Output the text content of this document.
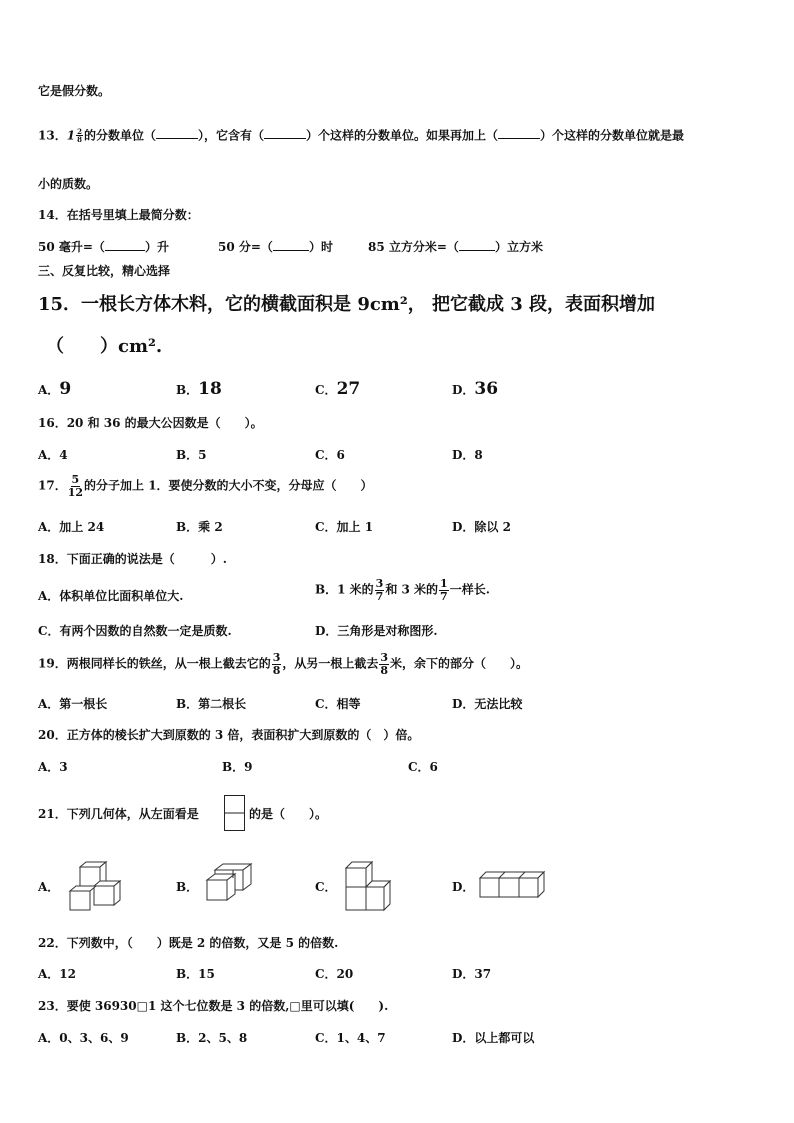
它是假分数。
13．$1 \frac{2}{8}$ 的分数单位（	），它含有（	）个这样的分数单位。如果再加上（	）个这样的分数单位就是最
小的质数。
14．在括号里填上最简分数：
50 毫升=（	）升	50 分=（	）时	85 立方分米=（	）立方米
三、反复比较，精心选择
15．一根长方体木料，它的横截面积是 9cm²， 把它截成 3 段，表面积增加
（　　）cm².
A．9	B．18	C．27	D．36
16．20 和 36 的最大公因数是（　　）。
A．4	B．5	C．6	D．8
17． $\frac{5}{12}$ 的分子加上 1．要使分数的大小不变，分母应（　　）
A．加上 24	B．乘 2	C．加上 1	D．除以 2
18．下面正确的说法是（　　　）.
A．体积单位比面积单位大.	B．1 米的 $\frac{3}{7}$ 和 3 米的 $\frac{1}{7}$ 一样长.
C．有两个因数的自然数一定是质数.	D．三角形是对称图形.
19．两根同样长的铁丝，从一根上截去它的 $\frac{3}{8}$ ，从另一根上截去 $\frac{3}{8}$ 米，余下的部分（　　）。
A．第一根长	B．第二根长	C．相等	D．无法比较
20．正方体的棱长扩大到原数的 3 倍，表面积扩大到原数的（　）倍。
A．3	B．9	C．6
21．下列几何体，从左面看是	的是（　　）。
A．	B．	C．	D．
22．下列数中，（　　）既是 2 的倍数，又是 5 的倍数.
A．12	B．15	C．20	D．37
23．要使 36930□1 这个七位数是 3 的倍数,□里可以填(　　).
A．0、3、6、9	B．2、5、8	C．1、4、7	D．以上都可以
